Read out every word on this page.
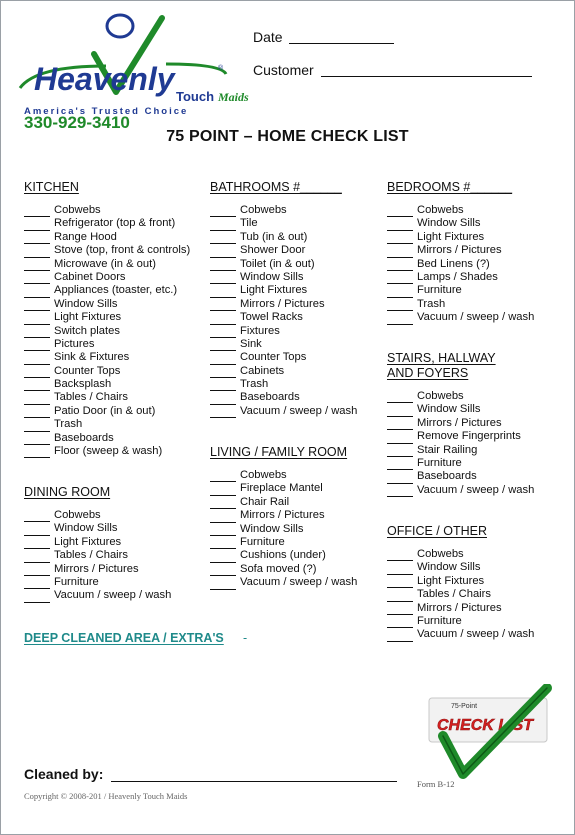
Heavenly	®
Touch Maids
America's Trusted Choice
330-929-3410
Date
Customer
75 POINT – HOME CHECK LIST
KITCHEN
Cobwebs
Refrigerator (top & front)
Range Hood
Stove (top, front & controls)
Microwave (in & out)
Cabinet Doors
Appliances (toaster, etc.)
Window Sills
Light Fixtures
Switch plates
Pictures
Sink & Fixtures
Counter Tops
Backsplash
Tables / Chairs
Patio Door (in & out)
Trash
Baseboards
Floor (sweep & wash)
DINING ROOM
Cobwebs
Window Sills
Light Fixtures
Tables / Chairs
Mirrors / Pictures
Furniture
Vacuum / sweep / wash
BATHROOMS #______
Cobwebs
Tile
Tub (in & out)
Shower Door
Toilet (in & out)
Window Sills
Light Fixtures
Mirrors / Pictures
Towel Racks
Fixtures
Sink
Counter Tops
Cabinets
Trash
Baseboards
Vacuum / sweep / wash
LIVING / FAMILY ROOM
Cobwebs
Fireplace Mantel
Chair Rail
Mirrors / Pictures
Window Sills
Furniture
Cushions (under)
Sofa moved (?)
Vacuum / sweep / wash
BEDROOMS #______
Cobwebs
Window Sills
Light Fixtures
Mirrors / Pictures
Bed Linens (?)
Lamps / Shades
Furniture
Trash
Vacuum / sweep / wash
STAIRS, HALLWAY
AND FOYERS
Cobwebs
Window Sills
Mirrors / Pictures
Remove Fingerprints
Stair Railing
Furniture
Baseboards
Vacuum / sweep / wash
OFFICE / OTHER
Cobwebs
Window Sills
Light Fixtures
Tables / Chairs
Mirrors / Pictures
Furniture
Vacuum / sweep / wash
DEEP CLEANED AREA / EXTRA'S -
75-Point
CHECK LIST
Cleaned by:
Form B-12
Copyright © 2008-201 / Heavenly Touch Maids
